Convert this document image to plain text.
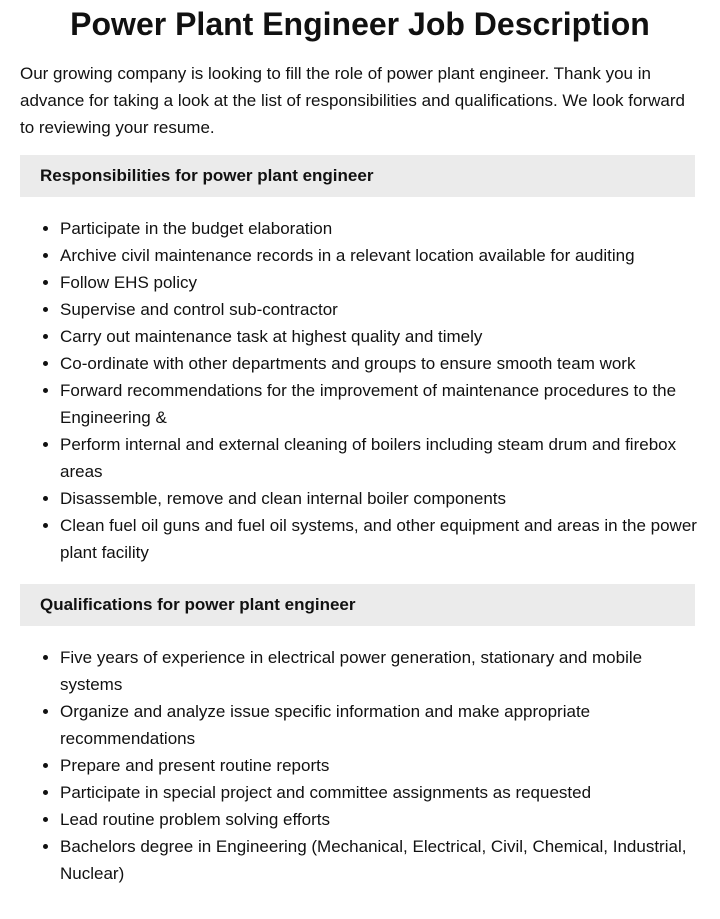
Power Plant Engineer Job Description

Our growing company is looking to fill the role of power plant engineer. Thank you in advance for taking a look at the list of responsibilities and qualifications. We look forward to reviewing your resume.

Responsibilities for power plant engineer
• Participate in the budget elaboration
• Archive civil maintenance records in a relevant location available for auditing
• Follow EHS policy
• Supervise and control sub-contractor
• Carry out maintenance task at highest quality and timely
• Co-ordinate with other departments and groups to ensure smooth team work
• Forward recommendations for the improvement of maintenance procedures to the Engineering &
• Perform internal and external cleaning of boilers including steam drum and firebox areas
• Disassemble, remove and clean internal boiler components
• Clean fuel oil guns and fuel oil systems, and other equipment and areas in the power plant facility
Qualifications for power plant engineer
• Five years of experience in electrical power generation, stationary and mobile systems
• Organize and analyze issue specific information and make appropriate recommendations
• Prepare and present routine reports
• Participate in special project and committee assignments as requested
• Lead routine problem solving efforts
• Bachelors degree in Engineering (Mechanical, Electrical, Civil, Chemical, Industrial, Nuclear)
